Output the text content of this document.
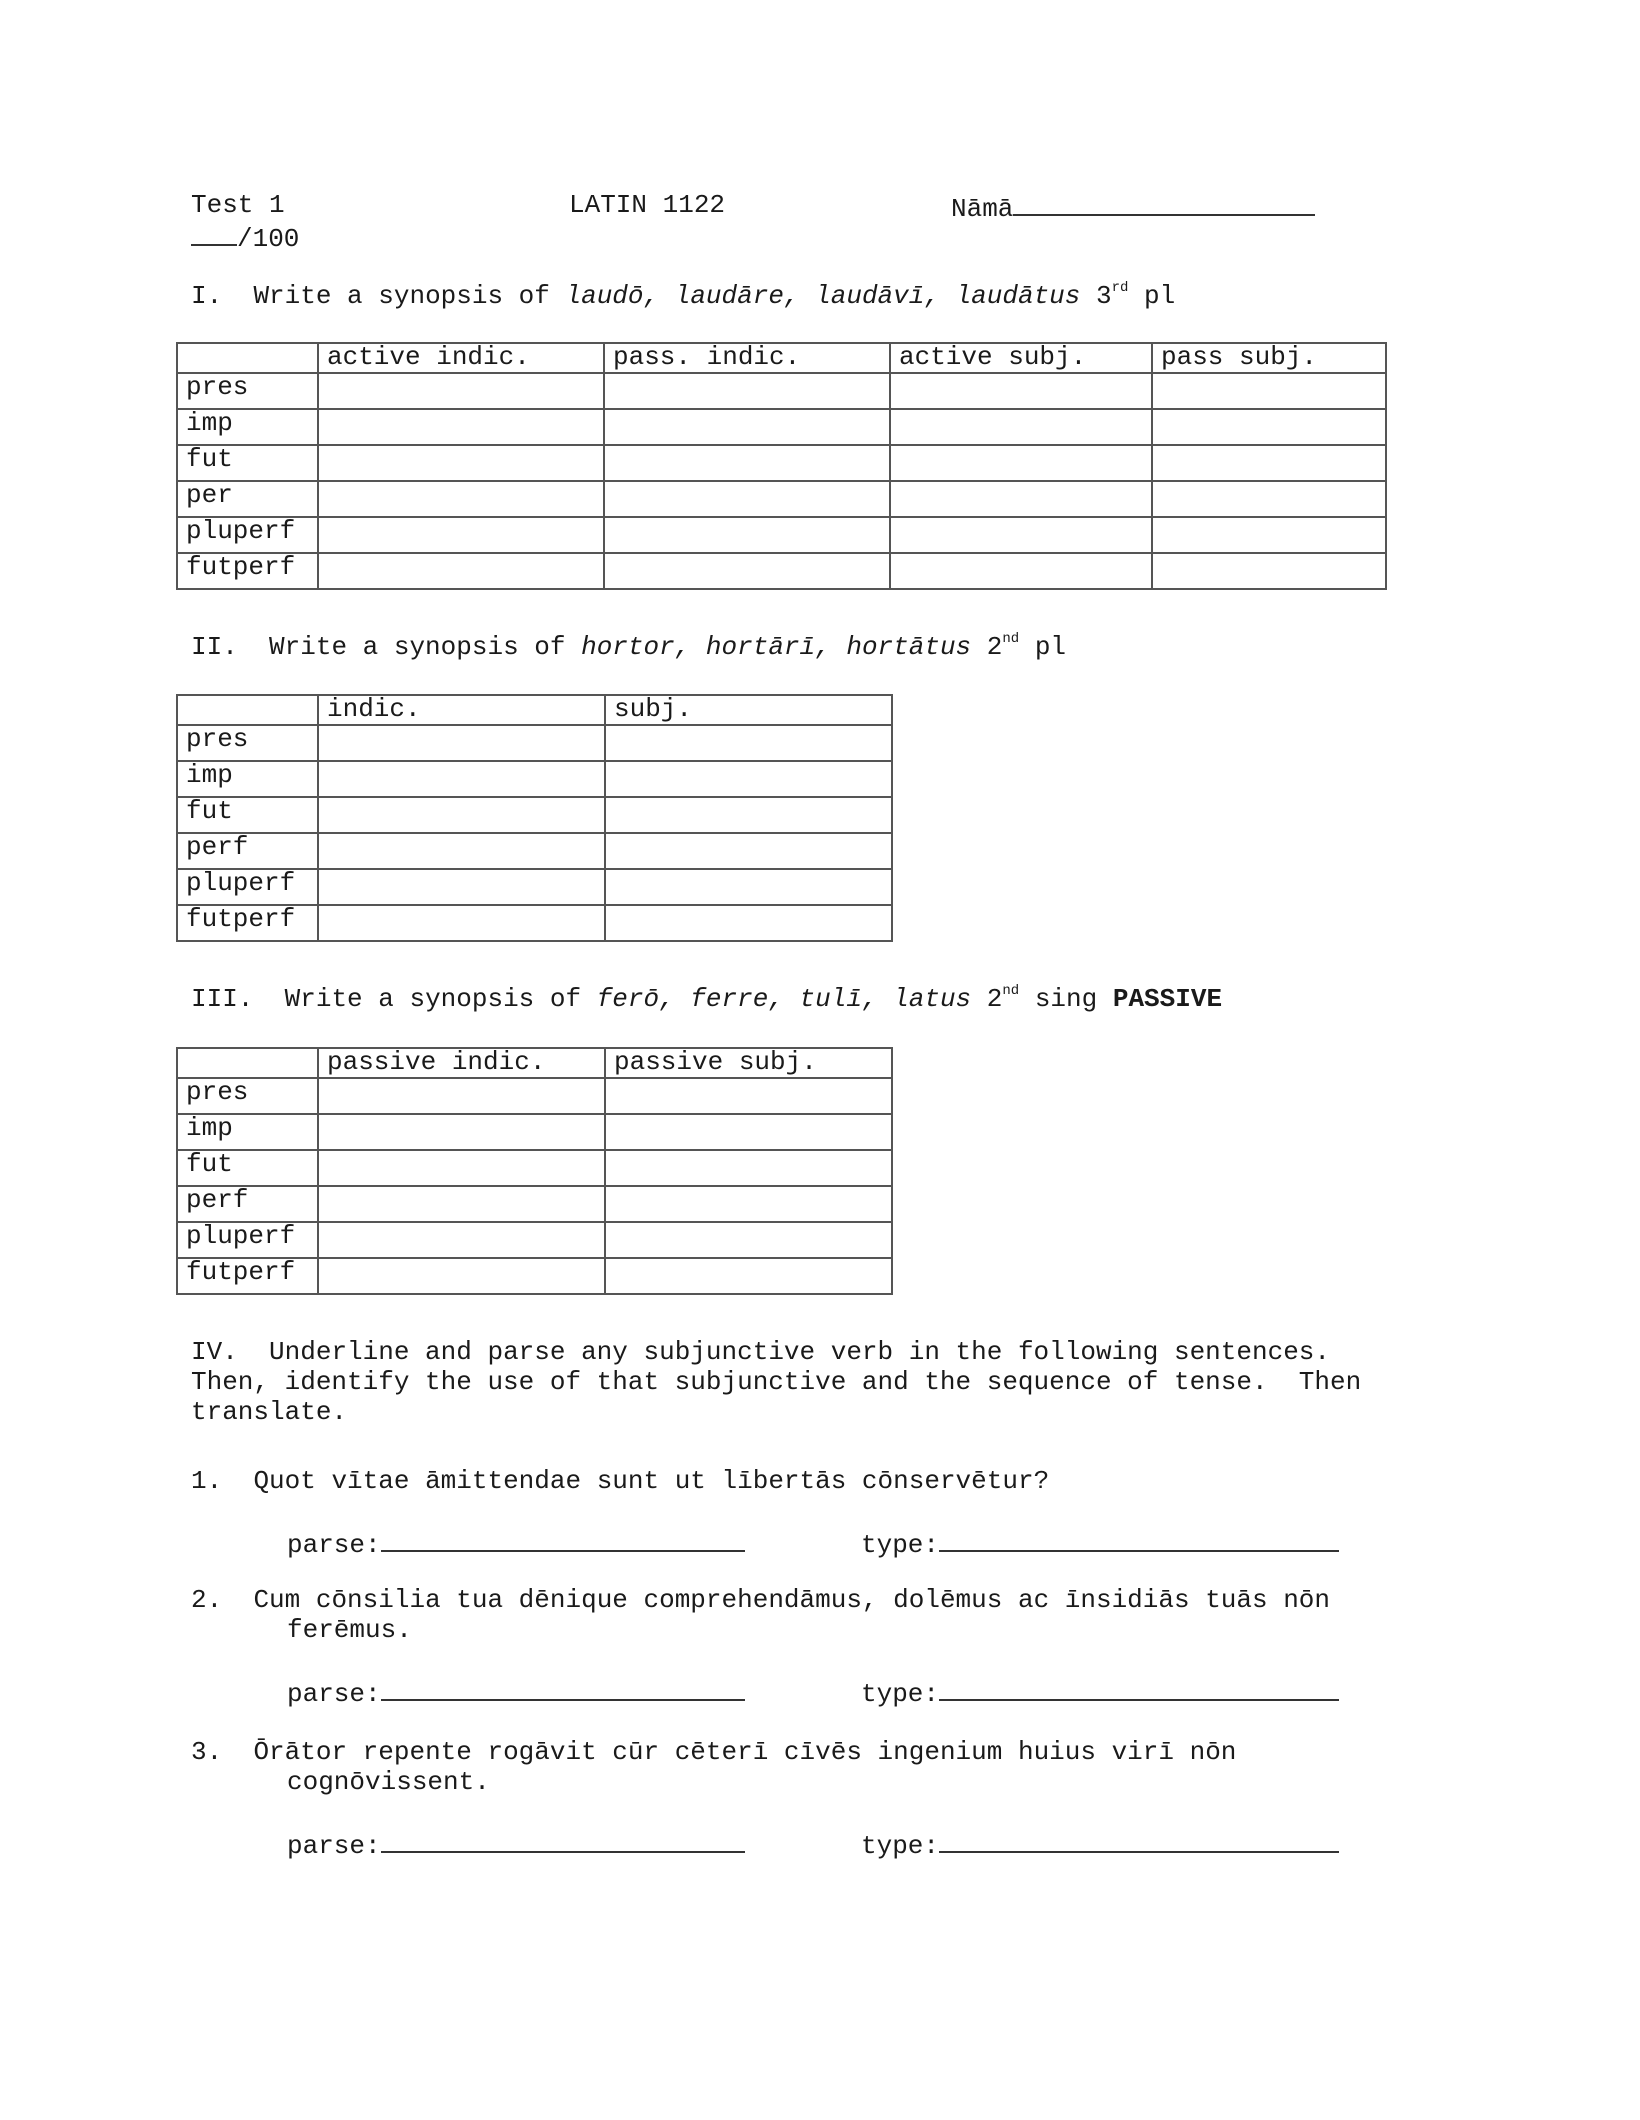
Test 1	LATIN 1122	Nāmā
/100
I. Write a synopsis of laudō, laudāre, laudāvī, laudātus 3rd pl
	active indic.	pass. indic.	active subj.	pass subj.
pres				
imp				
fut				
per				
pluperf				
futperf				
II. Write a synopsis of hortor, hortārī, hortātus 2nd pl
	indic.	subj.
pres		
imp		
fut		
perf		
pluperf		
futperf		
III. Write a synopsis of ferō, ferre, tulī, latus 2nd sing PASSIVE
	passive indic.	passive subj.
pres		
imp		
fut		
perf		
pluperf		
futperf		
IV. Underline and parse any subjunctive verb in the following sentences.
Then, identify the use of that subjunctive and the sequence of tense.  Then
translate.
1. Quot vītae āmittendae sunt ut lībertās cōnservētur?
parse:	type:
2. Cum cōnsilia tua dēnique comprehendāmus, dolēmus ac īnsidiās tuās nōn
ferēmus.
parse:	type:
3. Ōrātor repente rogāvit cūr cēterī cīvēs ingenium huius virī nōn
cognōvissent.
parse:	type:
